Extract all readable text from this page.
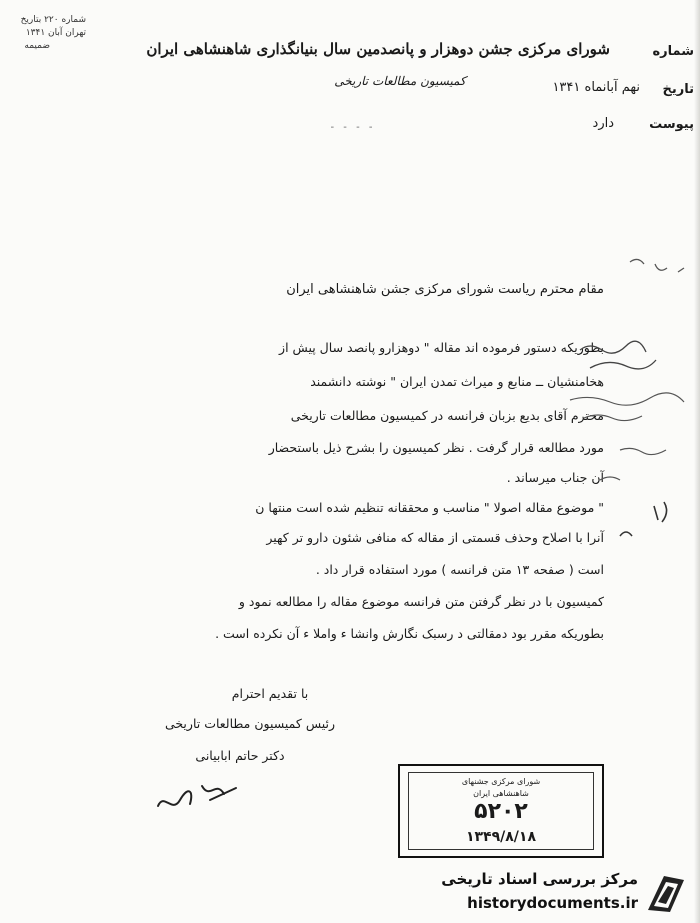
شماره ۲۲۰ بتاریخ
تهران آبان ۱۳۴۱
ضمیمه	شورای مرکزی جشن دوهزار و پانصدمین سال بنیانگذاری شاهنشاهی ایران
کمیسیون مطالعات تاریخی
- - - -
شماره
تاریخ
نهم آبانماه ۱۳۴۱
پیوست
دارد
مقام محترم ریاست شورای مرکزی جشن شاهنشاهی ایران
بطوریکه دستور فرموده اند مقاله " دوهزارو پانصد سال پیش از
هخامنشیان ــ منابع و میراث تمدن ایران " نوشته دانشمند
محترم آقای بدیع بزبان فرانسه در کمیسیون مطالعات تاریخی
مورد مطالعه قرار گرفت . نظر کمیسیون را بشرح ذیل باستحضار
آن جناب میرساند .
" موضوع مقاله اصولا " مناسب و محققانه تنظیم شده است منتها ن
آنرا با اصلاح وحذف قسمتی از مقاله که منافی شئون دارو تر کهیر
است ( صفحه ۱۳ متن فرانسه ) مورد استفاده قرار داد .
کمیسیون با در نظر گرفتن متن فرانسه موضوع مقاله را مطالعه نمود و
بطوریکه مقرر بود دمقالتی د رسبک نگارش وانشا ء واملا ء آن نکرده است .
با تقدیم احترام
رئیس کمیسیون مطالعات تاریخی
دکتر حاتم ابابیانی
شورای مرکزی جشنهای
شاهنشاهی ایران
۵۲۰۲
۱۳۴۹/۸/۱۸
مرکز بررسی اسناد تاریخی
historydocuments.ir
